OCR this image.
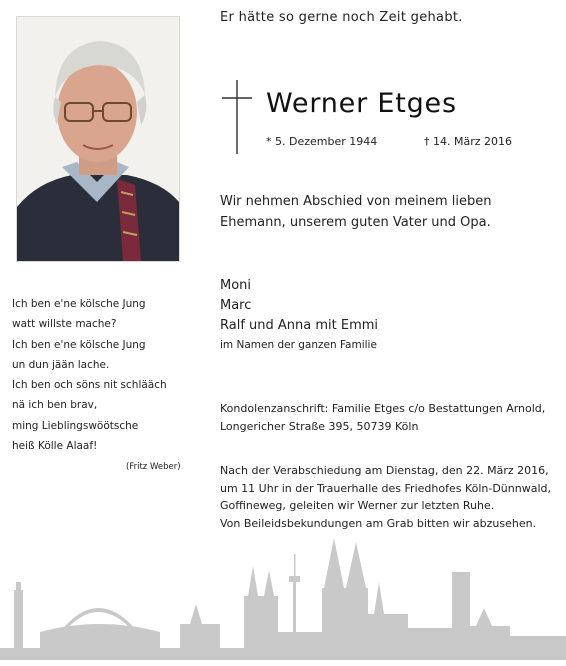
Er hätte so gerne noch Zeit gehabt.
Werner Etges
* 5. Dezember 1944	† 14. März 2016
Wir nehmen Abschied von meinem lieben
Ehemann, unserem guten Vater und Opa.
Moni
Marc
Ralf und Anna mit Emmi
im Namen der ganzen Familie
Ich ben e'ne kölsche Jung
watt willste mache?
Ich ben e'ne kölsche Jung
un dun jään lache.
Ich ben och söns nit schlääch
nä ich ben brav,
ming Lieblingswöötsche
heiß Kölle Alaaf!
(Fritz Weber)
Kondolenzanschrift: Familie Etges c/o Bestattungen Arnold,
Longericher Straße 395, 50739 Köln
Nach der Verabschiedung am Dienstag, den 22. März 2016,
um 11 Uhr in der Trauerhalle des Friedhofes Köln-Dünnwald,
Goffineweg, geleiten wir Werner zur letzten Ruhe.
Von Beileidsbekundungen am Grab bitten wir abzusehen.
